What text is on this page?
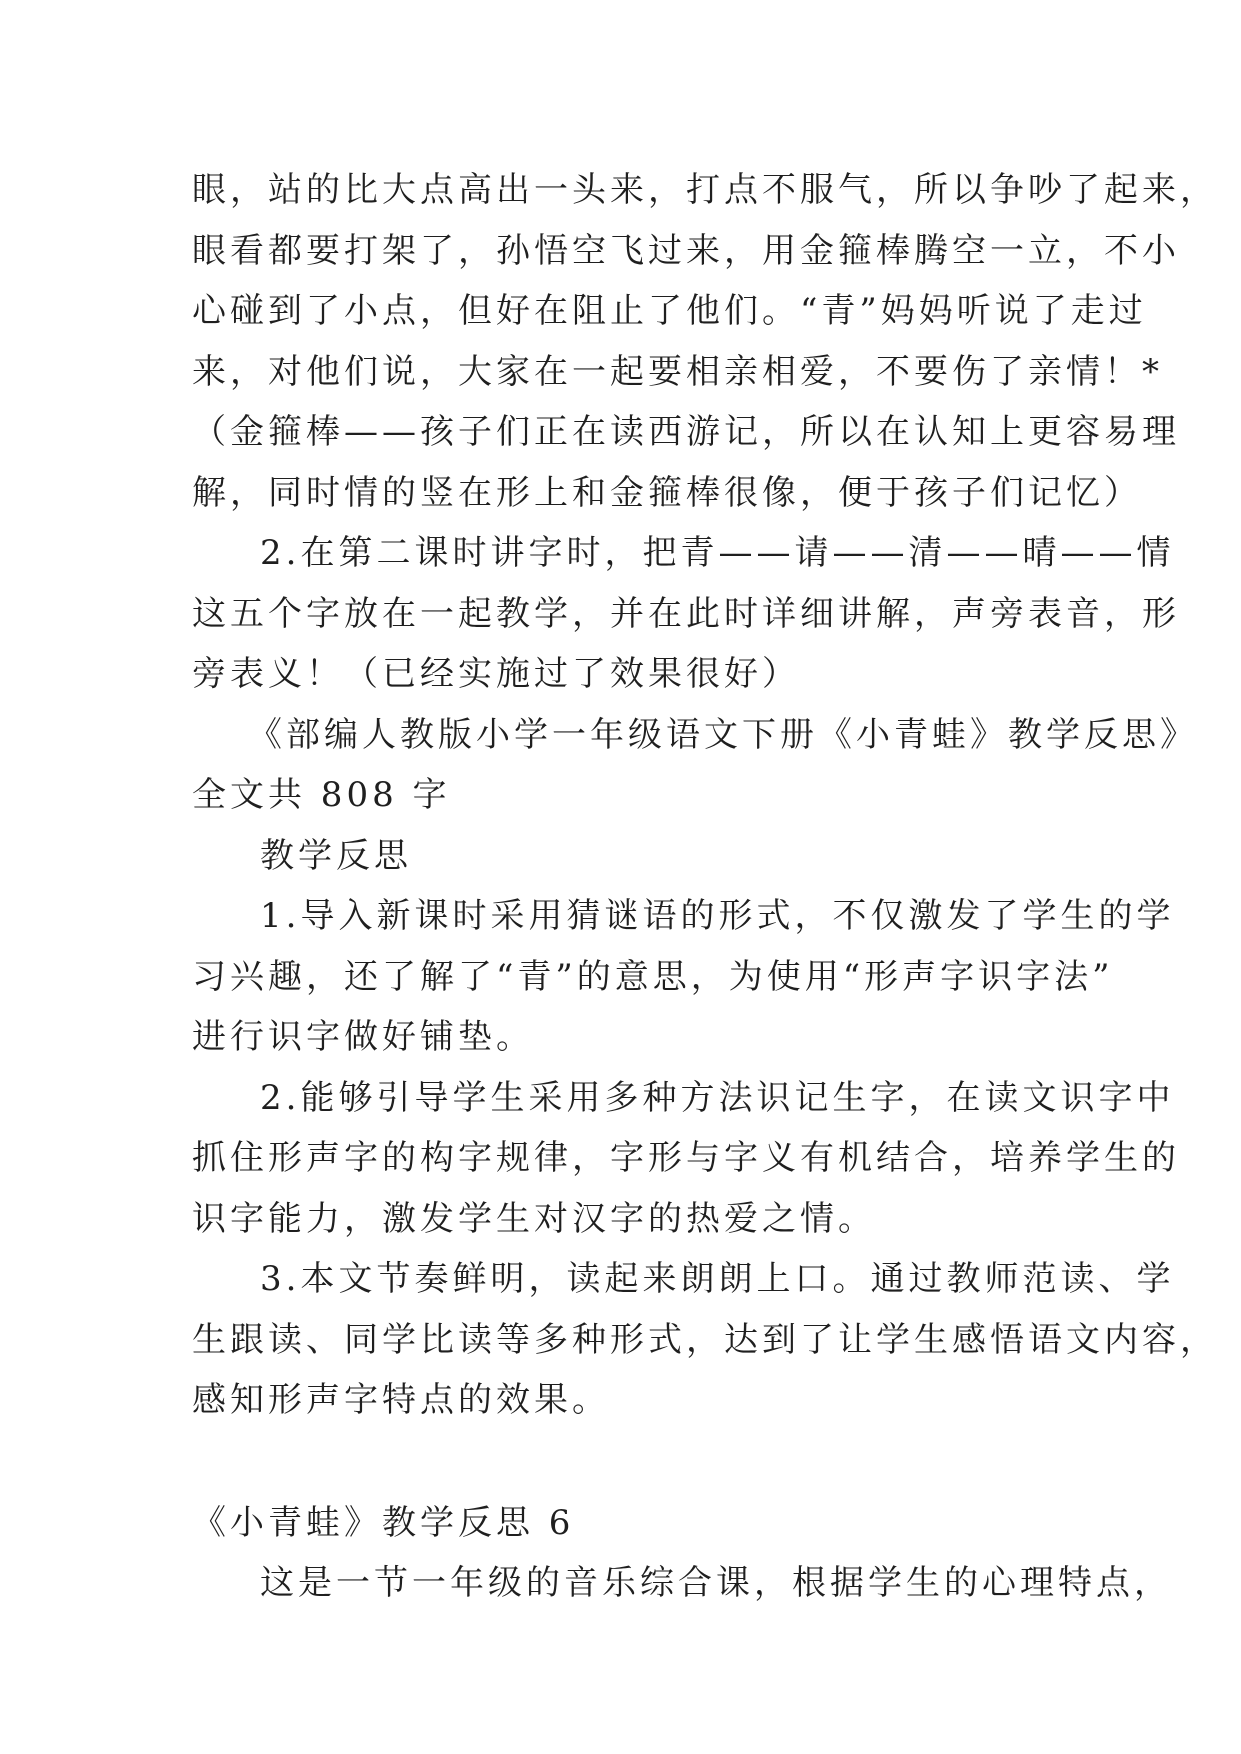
眼，站的比大点高出一头来，打点不服气，所以争吵了起来，
眼看都要打架了，孙悟空飞过来，用金箍棒腾空一立，不小
心碰到了小点，但好在阻止了他们。“青”妈妈听说了走过
来，对他们说，大家在一起要相亲相爱，不要伤了亲情！*
（金箍棒——孩子们正在读西游记，所以在认知上更容易理
解，同时情的竖在形上和金箍棒很像，便于孩子们记忆）
2.在第二课时讲字时，把青——请——清——晴——情
这五个字放在一起教学，并在此时详细讲解，声旁表音，形
旁表义！（已经实施过了效果很好）
《部编人教版小学一年级语文下册《小青蛙》教学反思》
全文共 808 字
教学反思
1.导入新课时采用猜谜语的形式，不仅激发了学生的学
习兴趣，还了解了“青”的意思，为使用“形声字识字法”
进行识字做好铺垫。
2.能够引导学生采用多种方法识记生字，在读文识字中
抓住形声字的构字规律，字形与字义有机结合，培养学生的
识字能力，激发学生对汉字的热爱之情。
3.本文节奏鲜明，读起来朗朗上口。通过教师范读、学
生跟读、同学比读等多种形式，达到了让学生感悟语文内容，
感知形声字特点的效果。
《小青蛙》教学反思 6
这是一节一年级的音乐综合课，根据学生的心理特点，
